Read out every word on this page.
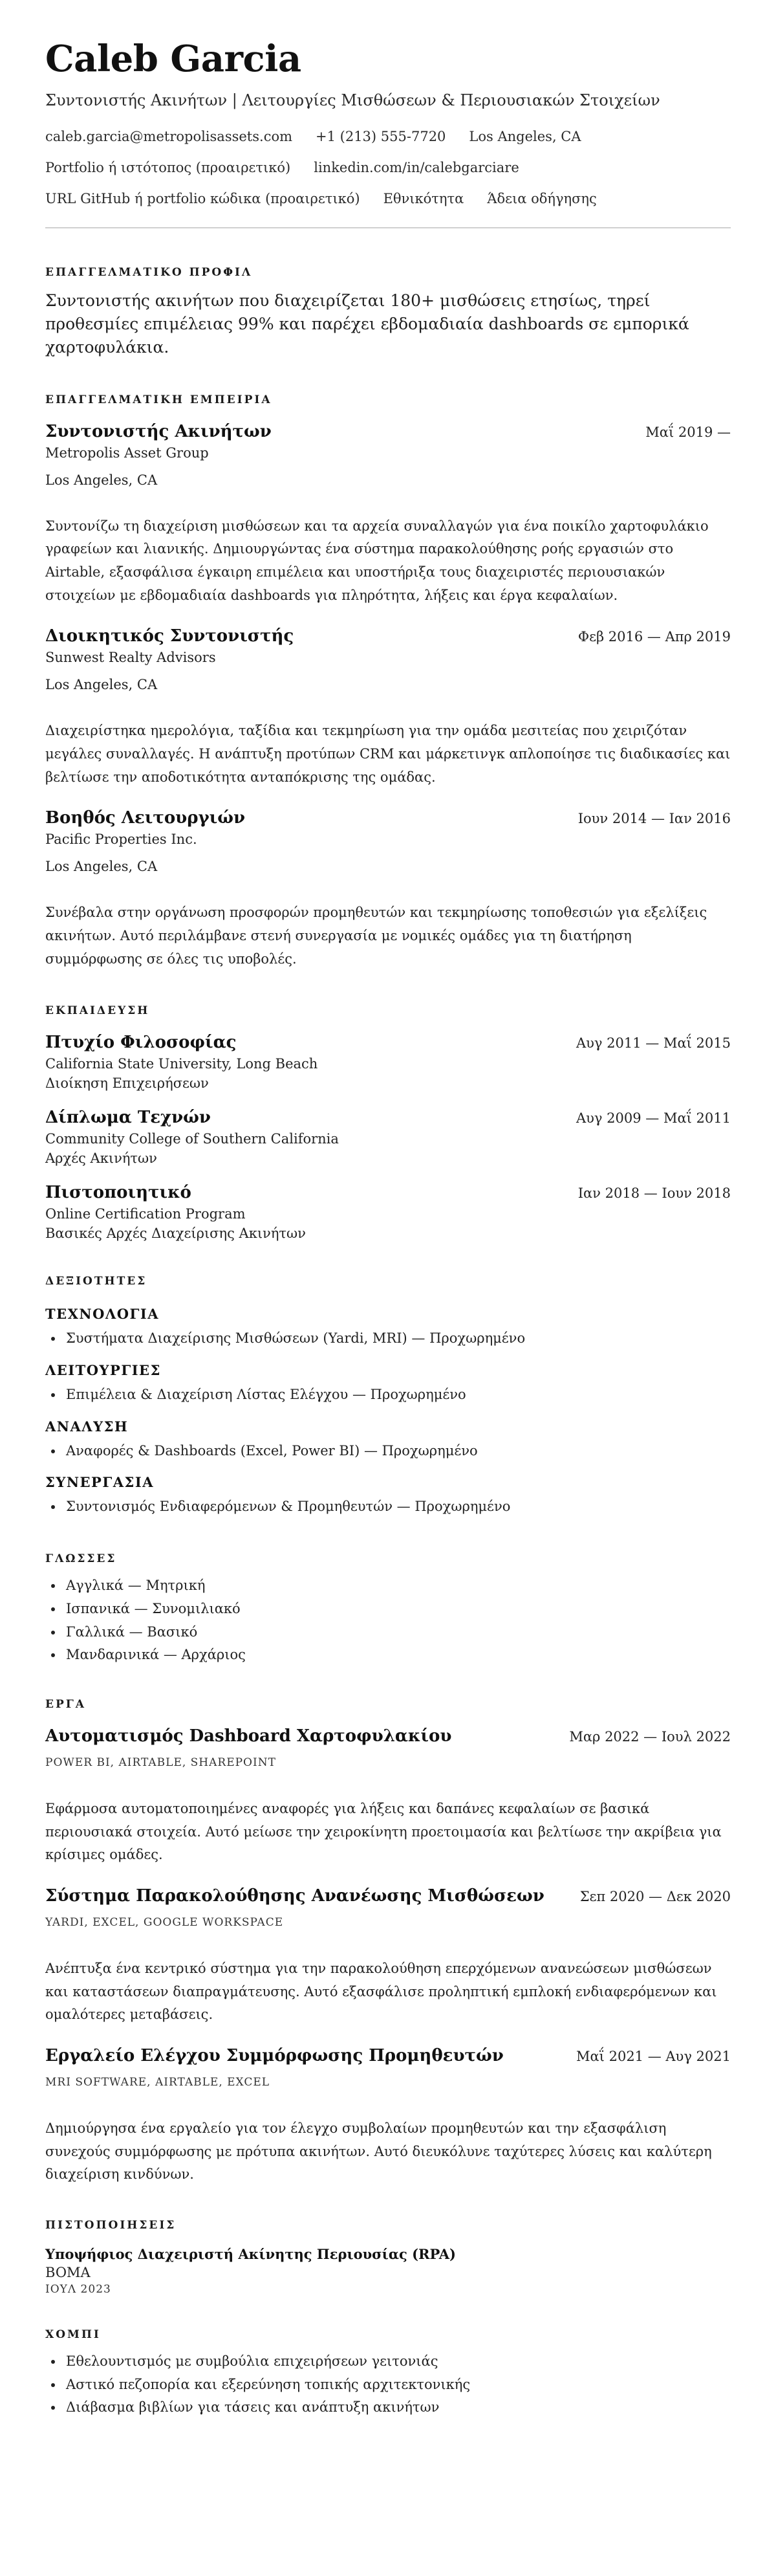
Caleb Garcia
Συντονιστής Ακινήτων | Λειτουργίες Μισθώσεων & Περιουσιακών Στοιχείων
caleb.garcia@metropolisassets.com +1 (213) 555-7720 Los Angeles, CA
Portfolio ή ιστότοπος (προαιρετικό) linkedin.com/in/calebgarciare
URL GitHub ή portfolio κώδικα (προαιρετικό) Εθνικότητα Άδεια οδήγησης
ΕΠΑΓΓΕΛΜΑΤΙΚΟ ΠΡΟΦΙΛ
Συντονιστής ακινήτων που διαχειρίζεται 180+ μισθώσεις ετησίως, τηρεί προθεσμίες επιμέλειας 99% και παρέχει εβδομαδιαία dashboards σε εμπορικά χαρτοφυλάκια.
ΕΠΑΓΓΕΛΜΑΤΙΚΗ ΕΜΠΕΙΡΙΑ
Συντονιστής Ακινήτων	Μαΐ 2019 —
Metropolis Asset Group
Los Angeles, CA
Συντονίζω τη διαχείριση μισθώσεων και τα αρχεία συναλλαγών για ένα ποικίλο χαρτοφυλάκιο γραφείων και λιανικής. Δημιουργώντας ένα σύστημα παρακολούθησης ροής εργασιών στο Airtable, εξασφάλισα έγκαιρη επιμέλεια και υποστήριξα τους διαχειριστές περιουσιακών στοιχείων με εβδομαδιαία dashboards για πληρότητα, λήξεις και έργα κεφαλαίων.
Διοικητικός Συντονιστής	Φεβ 2016 — Απρ 2019
Sunwest Realty Advisors
Los Angeles, CA
Διαχειρίστηκα ημερολόγια, ταξίδια και τεκμηρίωση για την ομάδα μεσιτείας που χειριζόταν μεγάλες συναλλαγές. Η ανάπτυξη προτύπων CRM και μάρκετινγκ απλοποίησε τις διαδικασίες και βελτίωσε την αποδοτικότητα ανταπόκρισης της ομάδας.
Βοηθός Λειτουργιών	Ιουν 2014 — Ιαν 2016
Pacific Properties Inc.
Los Angeles, CA
Συνέβαλα στην οργάνωση προσφορών προμηθευτών και τεκμηρίωσης τοποθεσιών για εξελίξεις ακινήτων. Αυτό περιλάμβανε στενή συνεργασία με νομικές ομάδες για τη διατήρηση συμμόρφωσης σε όλες τις υποβολές.
ΕΚΠΑΙΔΕΥΣΗ
Πτυχίο Φιλοσοφίας	Αυγ 2011 — Μαΐ 2015
California State University, Long Beach
Διοίκηση Επιχειρήσεων
Δίπλωμα Τεχνών	Αυγ 2009 — Μαΐ 2011
Community College of Southern California
Αρχές Ακινήτων
Πιστοποιητικό	Ιαν 2018 — Ιουν 2018
Online Certification Program
Βασικές Αρχές Διαχείρισης Ακινήτων
ΔΕΞΙΟΤΗΤΕΣ
ΤΕΧΝΟΛΟΓΙΑ
• Συστήματα Διαχείρισης Μισθώσεων (Yardi, MRI) — Προχωρημένο
ΛΕΙΤΟΥΡΓΙΕΣ
• Επιμέλεια & Διαχείριση Λίστας Ελέγχου — Προχωρημένο
ΑΝΑΛΥΣΗ
• Αναφορές & Dashboards (Excel, Power BI) — Προχωρημένο
ΣΥΝΕΡΓΑΣΙΑ
• Συντονισμός Ενδιαφερόμενων & Προμηθευτών — Προχωρημένο
ΓΛΩΣΣΕΣ
• Αγγλικά — Μητρική
• Ισπανικά — Συνομιλιακό
• Γαλλικά — Βασικό
• Μανδαρινικά — Αρχάριος
ΕΡΓΑ
Αυτοματισμός Dashboard Χαρτοφυλακίου	Μαρ 2022 — Ιουλ 2022
POWER BI, AIRTABLE, SHAREPOINT
Εφάρμοσα αυτοματοποιημένες αναφορές για λήξεις και δαπάνες κεφαλαίων σε βασικά περιουσιακά στοιχεία. Αυτό μείωσε την χειροκίνητη προετοιμασία και βελτίωσε την ακρίβεια για κρίσιμες ομάδες.
Σύστημα Παρακολούθησης Ανανέωσης Μισθώσεων	Σεπ 2020 — Δεκ 2020
YARDI, EXCEL, GOOGLE WORKSPACE
Ανέπτυξα ένα κεντρικό σύστημα για την παρακολούθηση επερχόμενων ανανεώσεων μισθώσεων και καταστάσεων διαπραγμάτευσης. Αυτό εξασφάλισε προληπτική εμπλοκή ενδιαφερόμενων και ομαλότερες μεταβάσεις.
Εργαλείο Ελέγχου Συμμόρφωσης Προμηθευτών	Μαΐ 2021 — Αυγ 2021
MRI SOFTWARE, AIRTABLE, EXCEL
Δημιούργησα ένα εργαλείο για τον έλεγχο συμβολαίων προμηθευτών και την εξασφάλιση συνεχούς συμμόρφωσης με πρότυπα ακινήτων. Αυτό διευκόλυνε ταχύτερες λύσεις και καλύτερη διαχείριση κινδύνων.
ΠΙΣΤΟΠΟΙΗΣΕΙΣ
Υποψήφιος Διαχειριστή Ακίνητης Περιουσίας (RPA)
BOMA
ΙΟΥΛ 2023
ΧΟΜΠΙ
• Εθελουντισμός με συμβούλια επιχειρήσεων γειτονιάς
• Αστικό πεζοπορία και εξερεύνηση τοπικής αρχιτεκτονικής
• Διάβασμα βιβλίων για τάσεις και ανάπτυξη ακινήτων
